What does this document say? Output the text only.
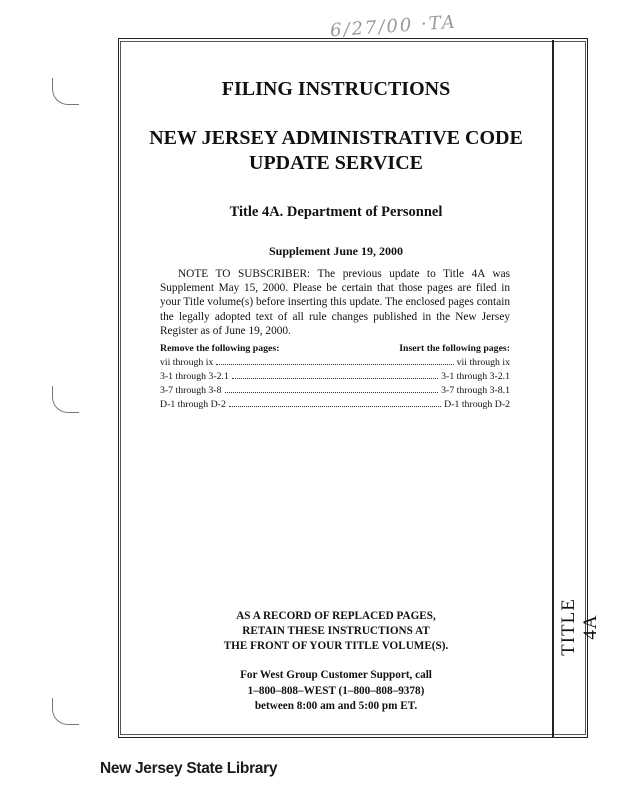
6/27/00 ·TA
TITLE 4A
FILING INSTRUCTIONS
NEW JERSEY ADMINISTRATIVE CODE
UPDATE SERVICE
Title 4A. Department of Personnel
Supplement June 19, 2000
NOTE TO SUBSCRIBER: The previous update to Title 4A was Supplement May 15, 2000. Please be certain that those pages are filed in your Title volume(s) before inserting this update. The enclosed pages contain the legally adopted text of all rule changes published in the New Jersey Register as of June 19, 2000.
Remove the following pages:	Insert the following pages:
vii through ix	vii through ix
3-1 through 3-2.1	3-1 through 3-2.1
3-7 through 3-8	3-7 through 3-8.1
D-1 through D-2	D-1 through D-2
AS A RECORD OF REPLACED PAGES,
RETAIN THESE INSTRUCTIONS AT
THE FRONT OF YOUR TITLE VOLUME(S).
For West Group Customer Support, call
1–800–808–WEST (1–800–808–9378)
between 8:00 am and 5:00 pm ET.
New Jersey State Library
